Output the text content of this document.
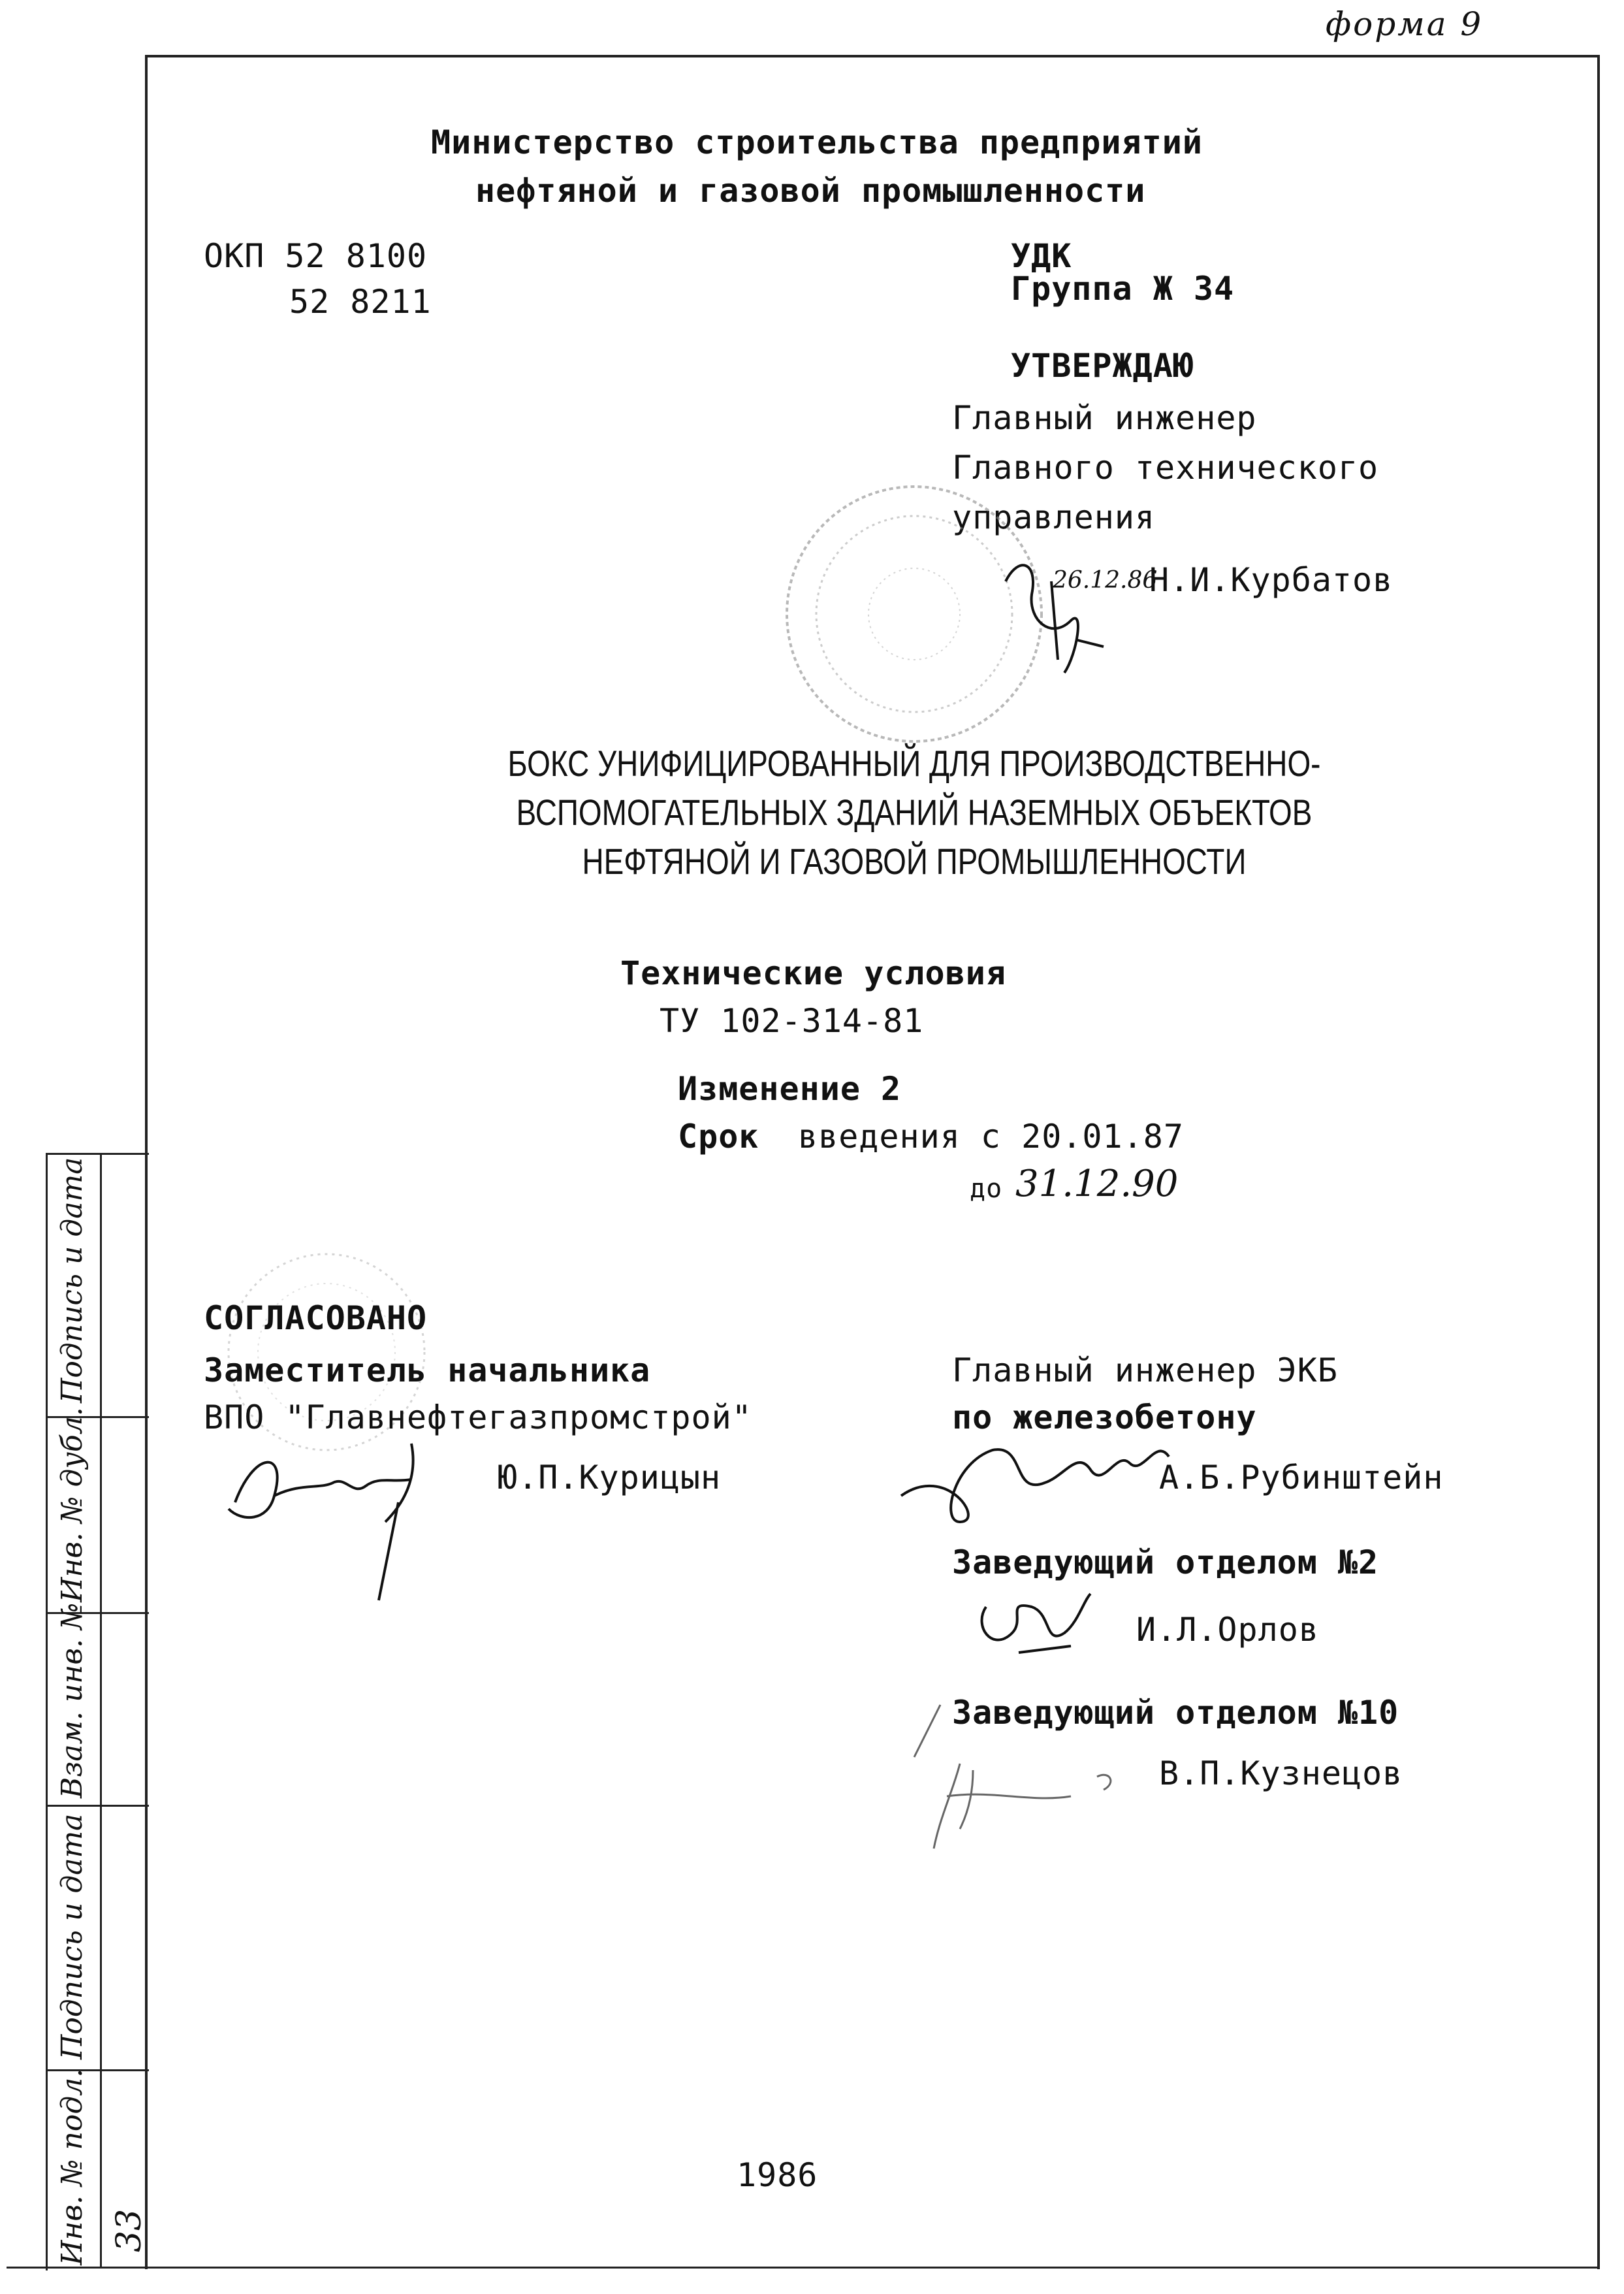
форма 9
Подпись и дата
Инв. № дубл.
Взам. инв. №
Подпись и дата
Инв. № подл. 33
Министерство строительства предприятий
нефтяной и газовой промышленности
ОКП 52 8100
52 8211
УДК
Группа Ж 34
УТВЕРЖДАЮ
Главный инженер
Главного технического
управления
26.12.86
Н.И.Курбатов
БОКС УНИФИЦИРОВАННЫЙ ДЛЯ ПРОИЗВОДСТВЕННО-
ВСПОМОГАТЕЛЬНЫХ ЗДАНИЙ НАЗЕМНЫХ ОБЪЕКТОВ
НЕФТЯНОЙ И ГАЗОВОЙ ПРОМЫШЛЕННОСТИ
Технические условия
ТУ 102-314-81
Изменение 2
Срок введения с 20.01.87
до 31.12.90
СОГЛАСОВАНО
Заместитель начальника
ВПО "Главнефтегазпромстрой"
Ю.П.Курицын
Главный инженер ЭКБ
по железобетону
А.Б.Рубинштейн
Заведующий отделом №2
И.Л.Орлов
Заведующий отделом №10
В.П.Кузнецов
1986
